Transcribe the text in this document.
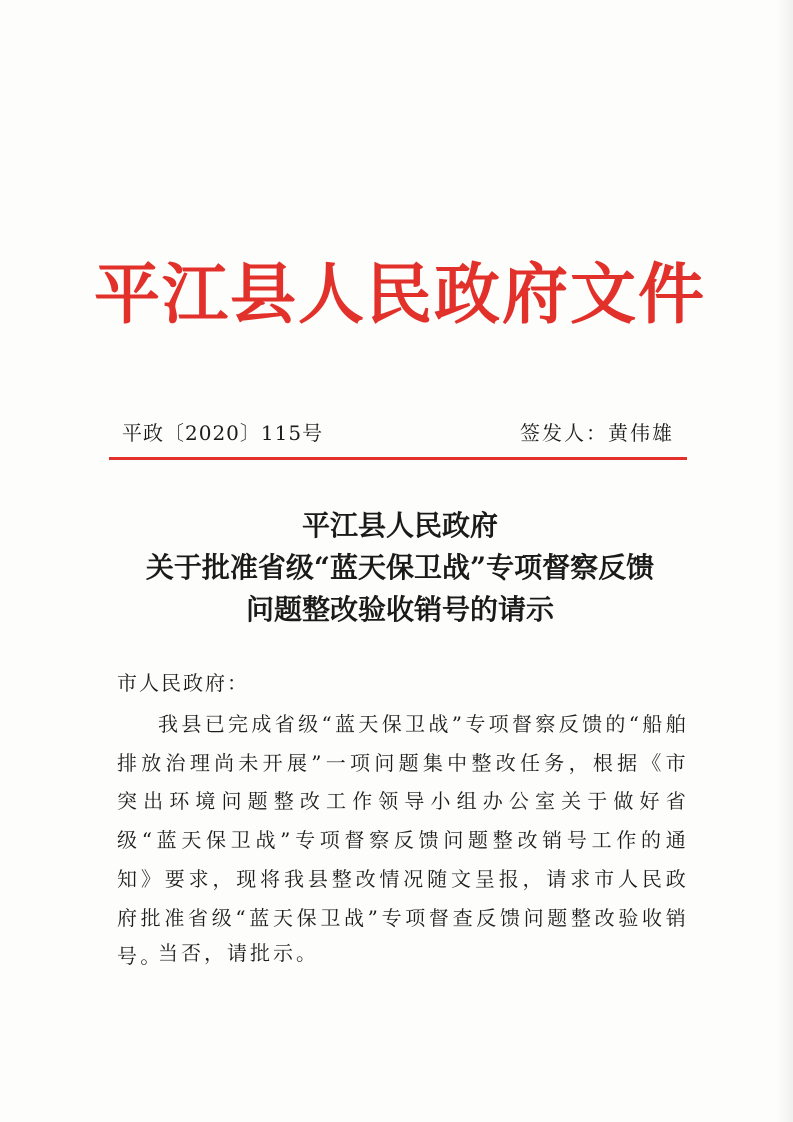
平江县人民政府文件
平政〔2020〕115号	签发人：黄伟雄
平江县人民政府
关于批准省级“蓝天保卫战”专项督察反馈
问题整改验收销号的请示
市人民政府：
我县已完成省级“蓝天保卫战”专项督察反馈的“船舶排放治理尚未开展”一项问题集中整改任务，根据《市突出环境问题整改工作领导小组办公室关于做好省级“蓝天保卫战”专项督察反馈问题整改销号工作的通知》要求，现将我县整改情况随文呈报，请求市人民政府批准省级“蓝天保卫战”专项督查反馈问题整改验收销号。
当否，请批示。
